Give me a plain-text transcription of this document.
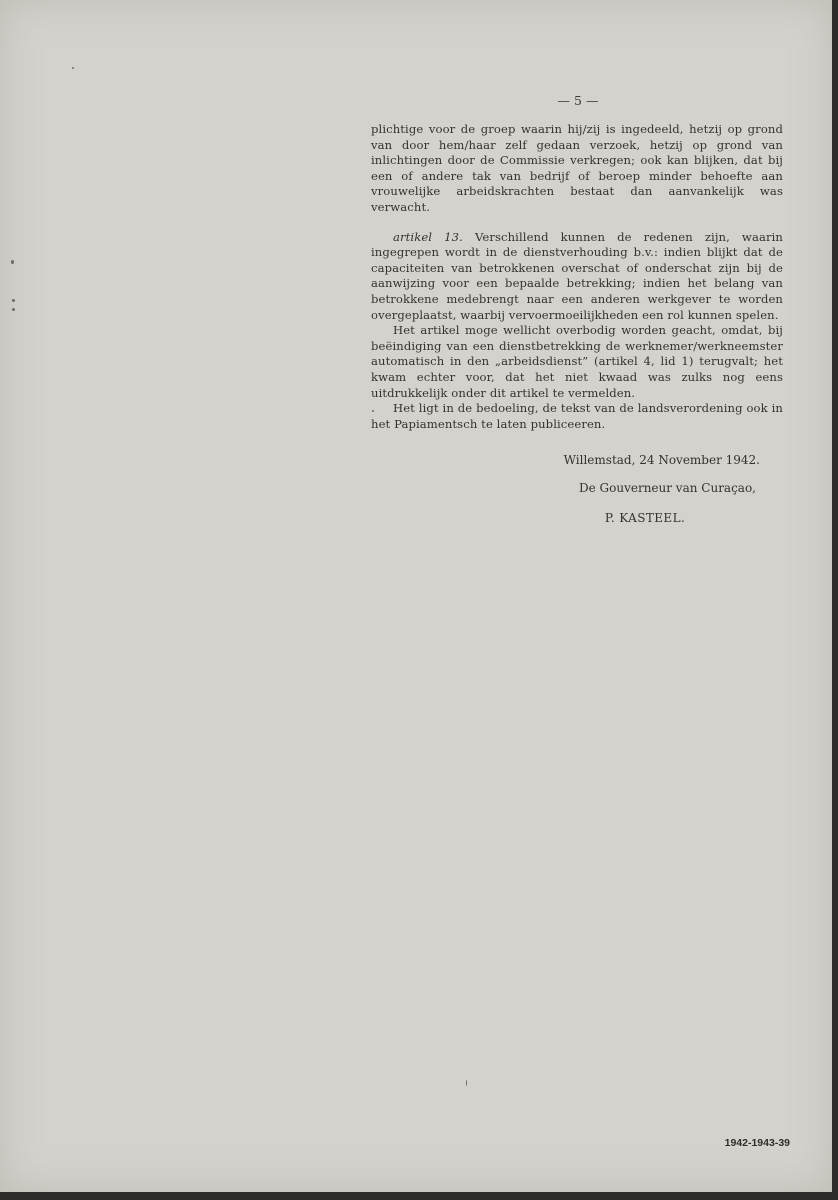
— 5 —

plichtige voor de groep waarin hij/zij is ingedeeld, hetzij op grond van door hem/haar zelf gedaan verzoek, hetzij op grond van inlichtingen door de Commissie verkregen; ook kan blijken, dat bij een of andere tak van bedrijf of beroep minder behoefte aan vrouwelijke arbeidskrachten bestaat dan aanvankelijk was verwacht.

artikel 13. Verschillend kunnen de redenen zijn, waarin ingegrepen wordt in de dienstverhouding b.v.: indien blijkt dat de capaciteiten van betrokkenen overschat of onderschat zijn bij de aanwijzing voor een bepaalde betrekking; indien het belang van betrokkene medebrengt naar een anderen werkgever te worden overgeplaatst, waarbij vervoermoeilijkheden een rol kunnen spelen.

Het artikel moge wellicht overbodig worden geacht, omdat, bij beëindiging van een dienstbetrekking de werknemer/werkneemster automatisch in den „arbeidsdienst” (artikel 4, lid 1) terugvalt; het kwam echter voor, dat het niet kwaad was zulks nog eens uitdrukkelijk onder dit artikel te vermelden.

Het ligt in de bedoeling, de tekst van de landsverordening ook in het Papiamentsch te laten publiceeren.

Willemstad, 24 November 1942.
De Gouverneur van Curaçao,
P. KASTEEL.
1942-1943-39
